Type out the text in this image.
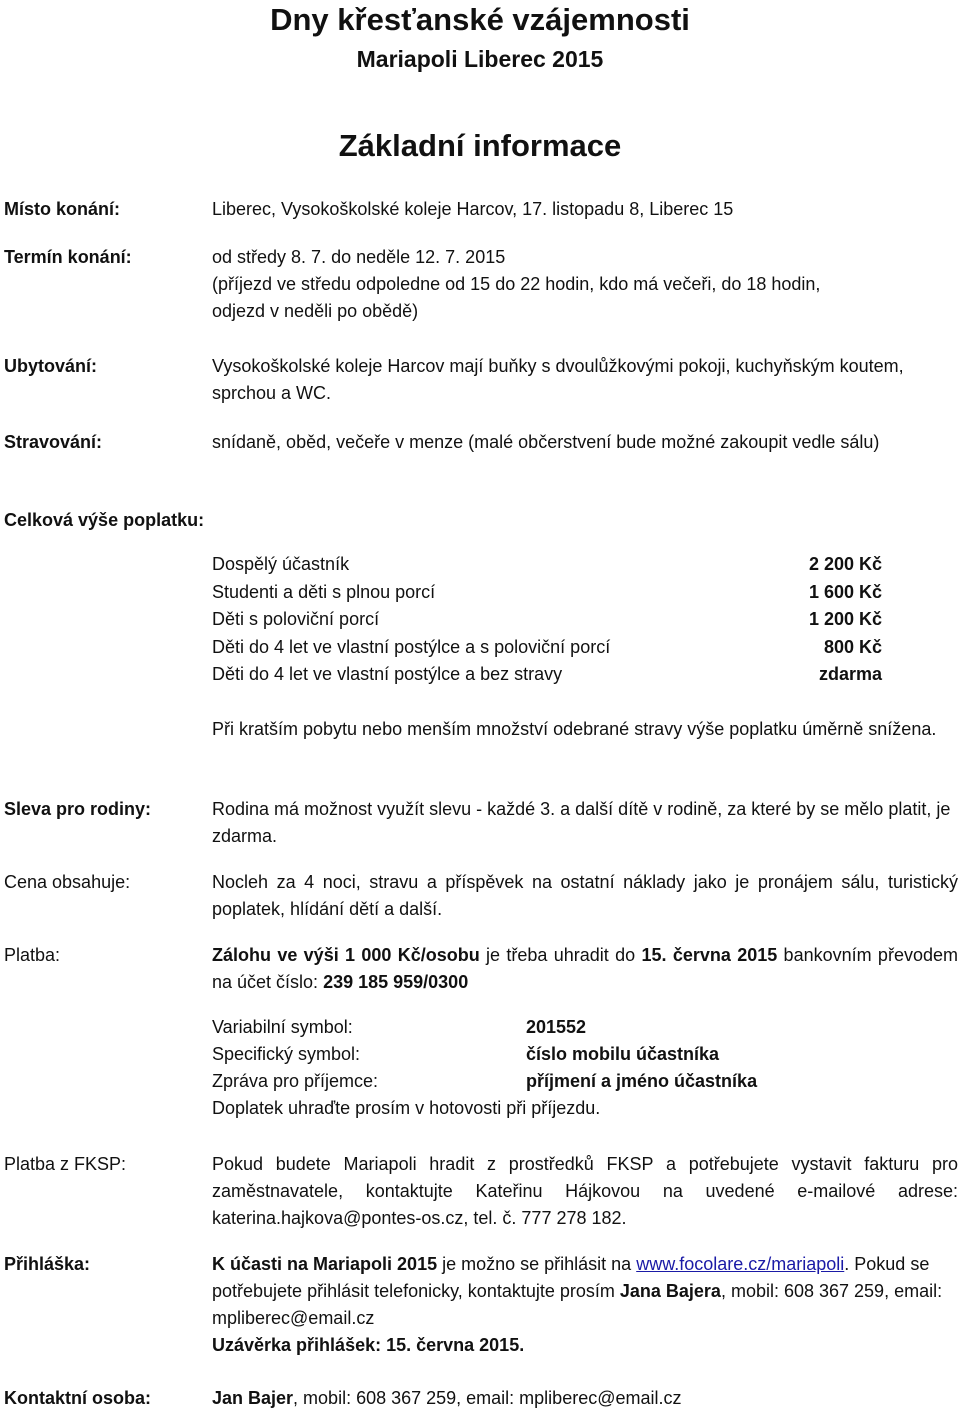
Dny křesťanské vzájemnosti
Mariapoli Liberec 2015
Základní informace
Místo konání:	Liberec, Vysokoškolské koleje Harcov, 17. listopadu 8, Liberec 15
Termín konání:	od středy 8. 7. do neděle 12. 7. 2015

(příjezd ve středu odpoledne od 15 do 22 hodin, kdo má večeři, do 18 hodin,

odjezd v neděli po obědě)

Ubytování:	Vysokoškolské koleje Harcov mají buňky s dvoulůžkovými pokoji, kuchyňským koutem, sprchou a WC.
Stravování:	snídaně, oběd, večeře v menze (malé občerstvení bude možné zakoupit vedle sálu)
Celková výše poplatku:
Dospělý účastník	2 200 Kč
Studenti a děti s plnou porcí	1 600 Kč
Děti s poloviční porcí	1 200 Kč
Děti do 4 let ve vlastní postýlce a s poloviční porcí	800 Kč
Děti do 4 let ve vlastní postýlce a bez stravy	zdarma
Při kratším pobytu nebo menším množství odebrané stravy výše poplatku úměrně snížena.
Sleva pro rodiny:	Rodina má možnost využít slevu - každé 3. a další dítě v rodině, za které by se mělo platit, je zdarma.
Cena obsahuje:	Nocleh za 4 noci, stravu a příspěvek na ostatní náklady jako je pronájem sálu, turistický poplatek, hlídání dětí a další.
Platba:	Zálohu ve výši 1 000 Kč/osobu je třeba uhradit do 15. června 2015 bankovním převodem na účet číslo: 239 185 959/0300
Variabilní symbol:	201552
Specifický symbol:	číslo mobilu účastníka
Zpráva pro příjemce:	příjmení a jméno účastníka
Doplatek uhraďte prosím v hotovosti při příjezdu.
Platba z FKSP:	Pokud budete Mariapoli hradit z prostředků FKSP a potřebujete vystavit fakturu pro zaměstnavatele, kontaktujte Kateřinu Hájkovou na uvedené e-mailové adrese: katerina.hajkova@pontes-os.cz, tel. č. 777 278 182.
Přihláška:	K účasti na Mariapoli 2015 je možno se přihlásit na www.focolare.cz/mariapoli. Pokud se potřebujete přihlásit telefonicky, kontaktujte prosím Jana Bajera, mobil: 608 367 259, email: mpliberec@email.cz
Uzávěrka přihlášek: 15. června 2015.
Kontaktní osoba:	Jan Bajer, mobil: 608 367 259, email: mpliberec@email.cz
